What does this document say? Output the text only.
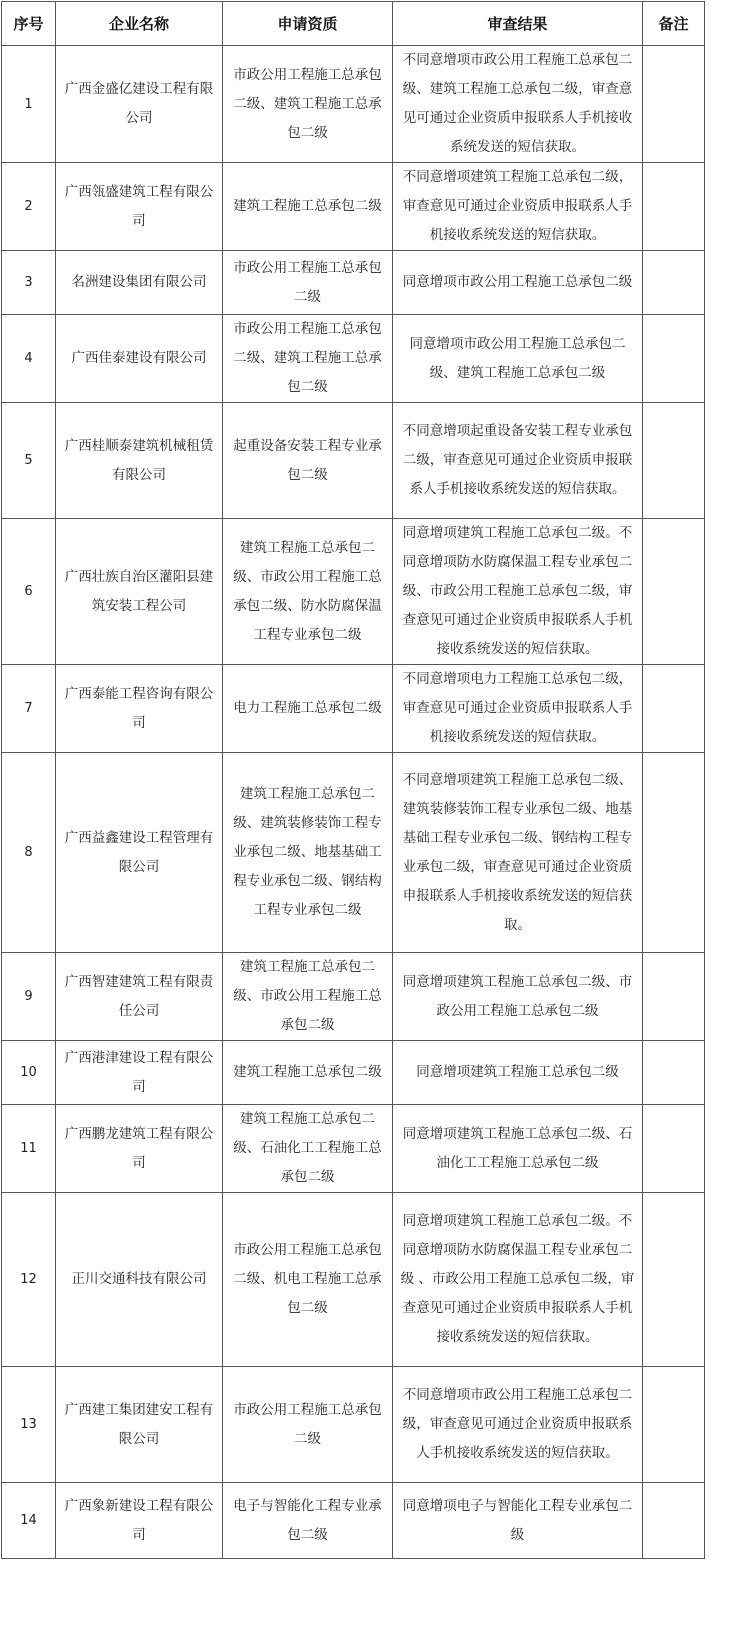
序号	企业名称	申请资质	审查结果	备注
1	广西金盛亿建设工程有限公司	市政公用工程施工总承包二级、建筑工程施工总承包二级	不同意增项市政公用工程施工总承包二级、建筑工程施工总承包二级，审查意见可通过企业资质申报联系人手机接收系统发送的短信获取。	
2	广西瓴盛建筑工程有限公司	建筑工程施工总承包二级	不同意增项建筑工程施工总承包二级，审查意见可通过企业资质申报联系人手机接收系统发送的短信获取。	
3	名洲建设集团有限公司	市政公用工程施工总承包二级	同意增项市政公用工程施工总承包二级	
4	广西佳泰建设有限公司	市政公用工程施工总承包二级、建筑工程施工总承包二级	同意增项市政公用工程施工总承包二级、建筑工程施工总承包二级	
5	广西桂顺泰建筑机械租赁有限公司	起重设备安装工程专业承包二级	不同意增项起重设备安装工程专业承包二级，审查意见可通过企业资质申报联系人手机接收系统发送的短信获取。	
6	广西壮族自治区灌阳县建筑安装工程公司	建筑工程施工总承包二级、市政公用工程施工总承包二级、防水防腐保温工程专业承包二级	同意增项建筑工程施工总承包二级。不同意增项防水防腐保温工程专业承包二级、市政公用工程施工总承包二级，审查意见可通过企业资质申报联系人手机接收系统发送的短信获取。	
7	广西泰能工程咨询有限公司	电力工程施工总承包二级	不同意增项电力工程施工总承包二级，审查意见可通过企业资质申报联系人手机接收系统发送的短信获取。	
8	广西益鑫建设工程管理有限公司	建筑工程施工总承包二级、建筑装修装饰工程专业承包二级、地基基础工程专业承包二级、钢结构工程专业承包二级	不同意增项建筑工程施工总承包二级、建筑装修装饰工程专业承包二级、地基基础工程专业承包二级、钢结构工程专业承包二级，审查意见可通过企业资质申报联系人手机接收系统发送的短信获取。	
9	广西智建建筑工程有限责任公司	建筑工程施工总承包二级、市政公用工程施工总承包二级	同意增项建筑工程施工总承包二级、市政公用工程施工总承包二级	
10	广西港津建设工程有限公司	建筑工程施工总承包二级	同意增项建筑工程施工总承包二级	
11	广西鹏龙建筑工程有限公司	建筑工程施工总承包二级、石油化工工程施工总承包二级	同意增项建筑工程施工总承包二级、石油化工工程施工总承包二级	
12	正川交通科技有限公司	市政公用工程施工总承包二级、机电工程施工总承包二级	同意增项建筑工程施工总承包二级。不同意增项防水防腐保温工程专业承包二级 、市政公用工程施工总承包二级，审查意见可通过企业资质申报联系人手机接收系统发送的短信获取。	
13	广西建工集团建安工程有限公司	市政公用工程施工总承包二级	不同意增项市政公用工程施工总承包二级，审查意见可通过企业资质申报联系人手机接收系统发送的短信获取。	
14	广西象新建设工程有限公司	电子与智能化工程专业承包二级	同意增项电子与智能化工程专业承包二级	
